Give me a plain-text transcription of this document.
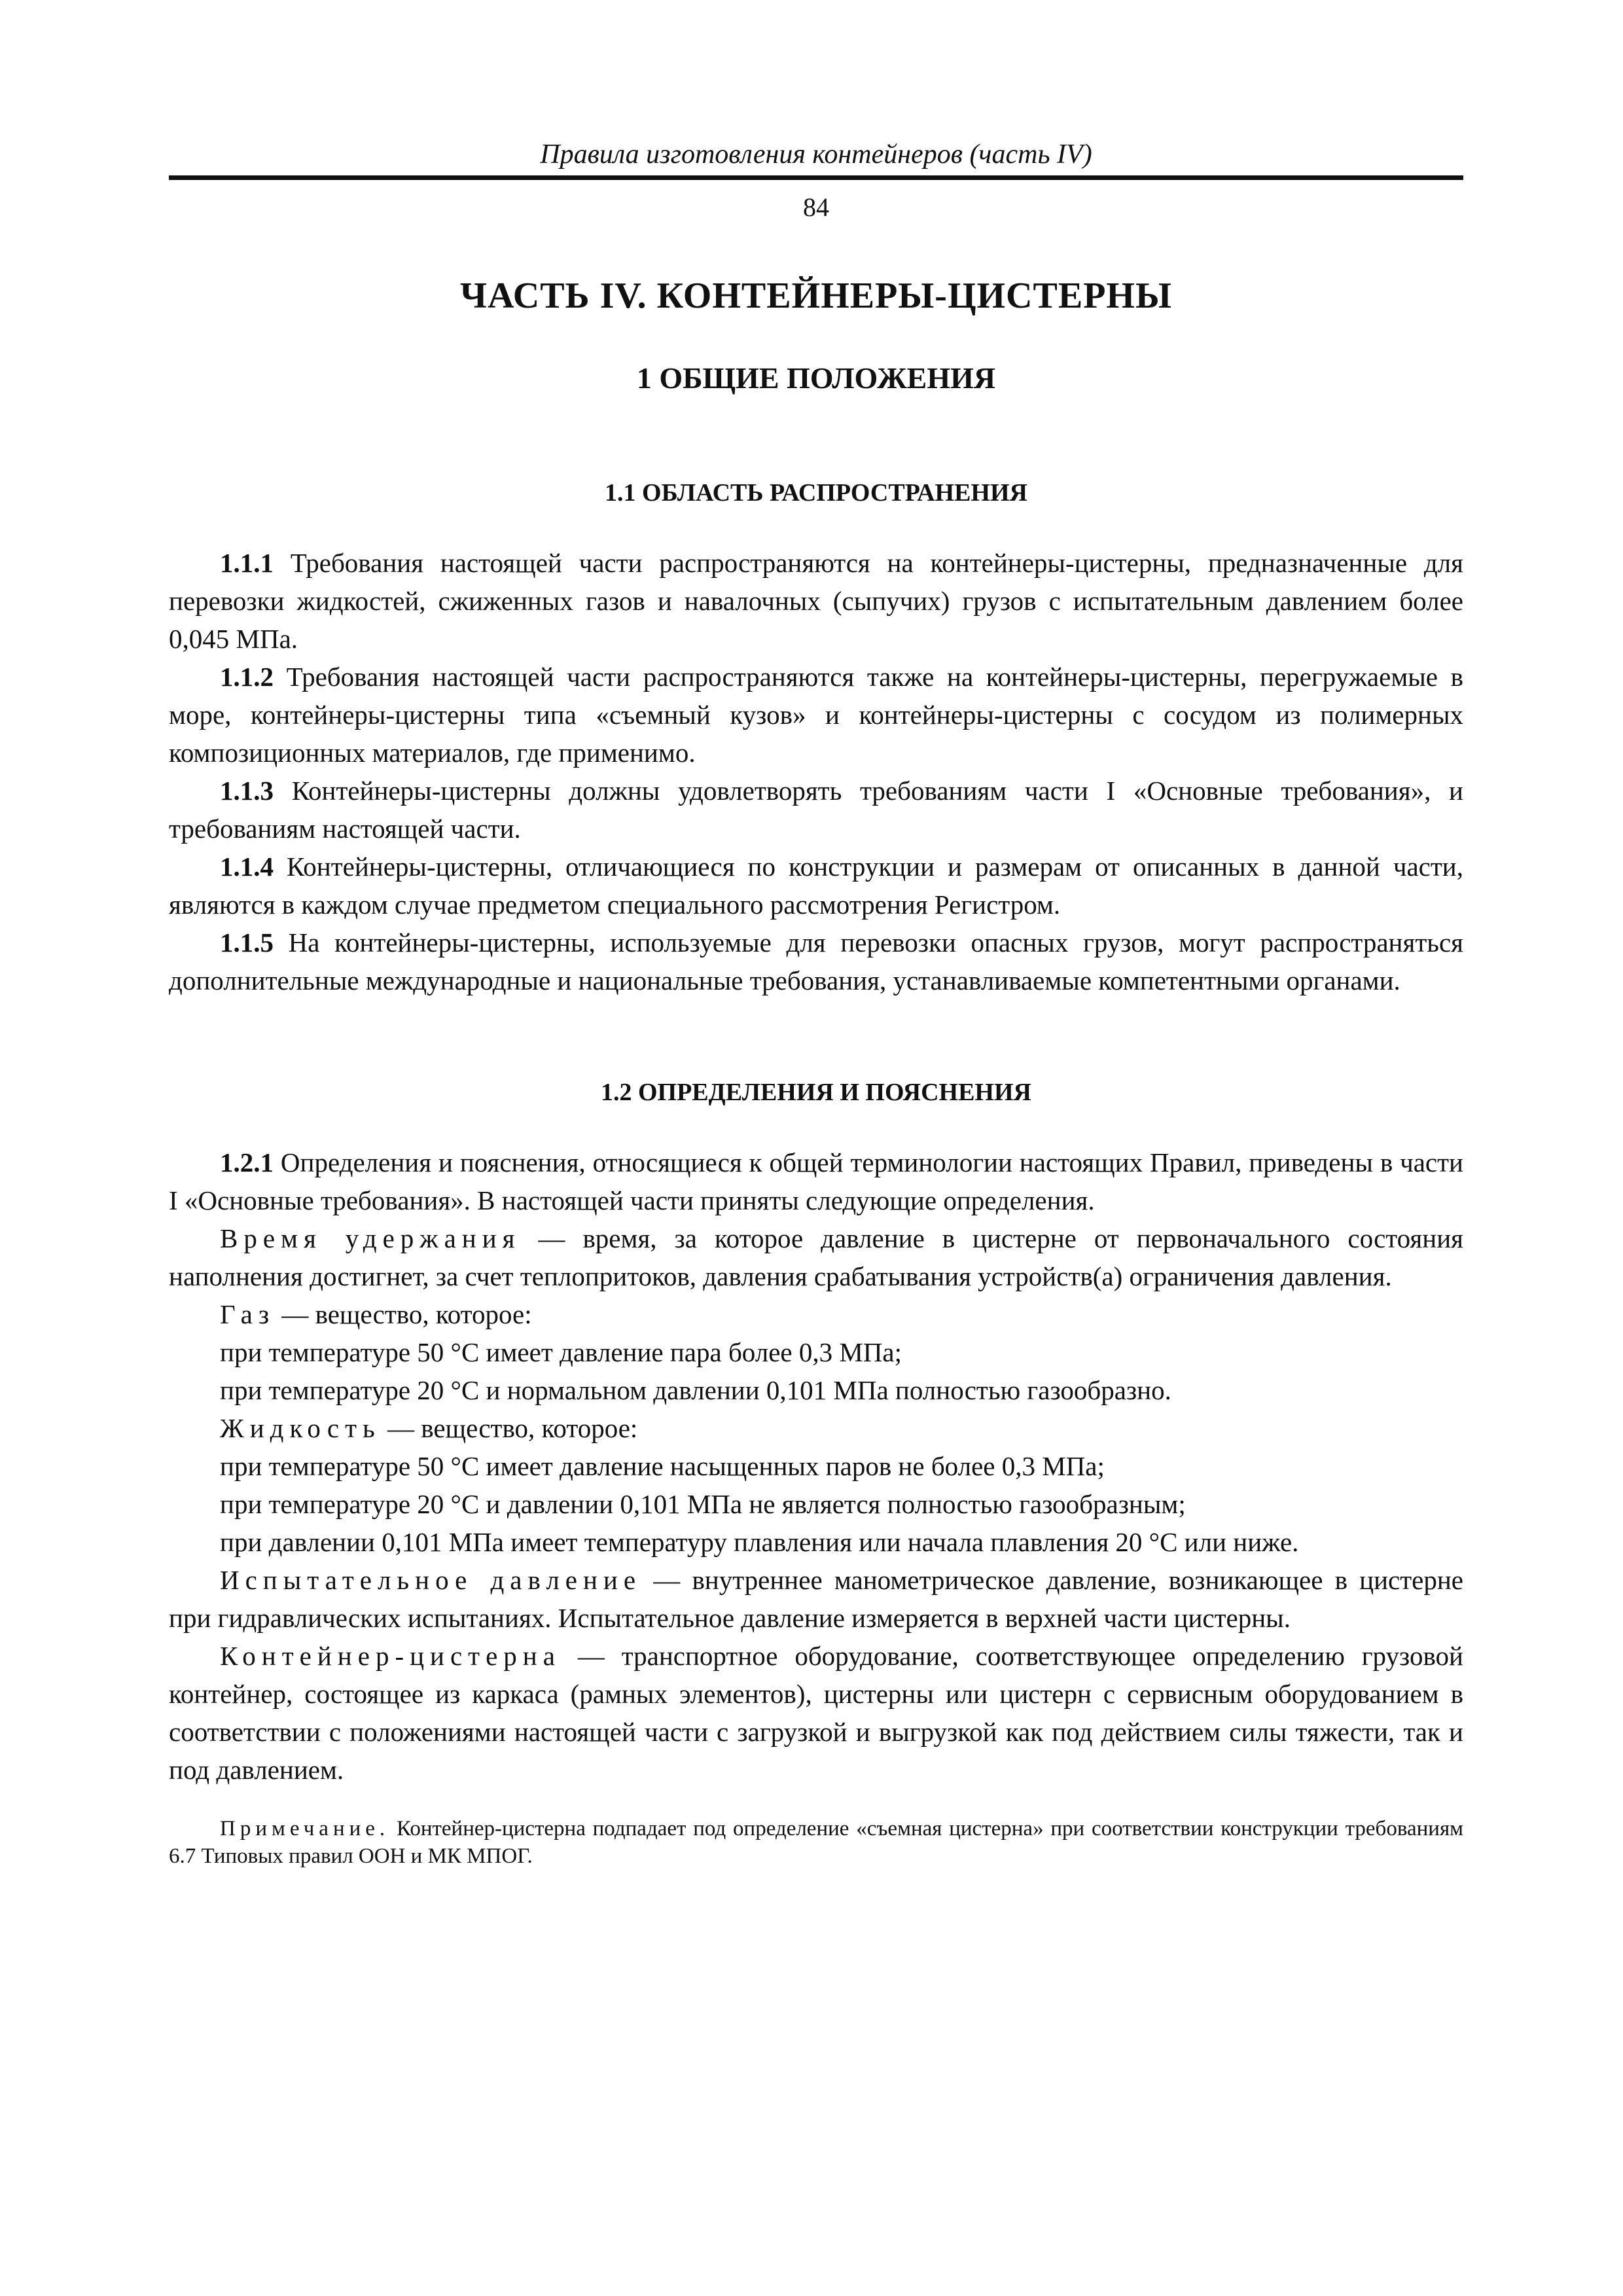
Правила изготовления контейнеров (часть IV)
84
ЧАСТЬ IV. КОНТЕЙНЕРЫ-ЦИСТЕРНЫ
1 ОБЩИЕ ПОЛОЖЕНИЯ
1.1 ОБЛАСТЬ РАСПРОСТРАНЕНИЯ

1.1.1 Требования настоящей части распространяются на контейнеры-цистерны, предназначенные для перевозки жидкостей, сжиженных газов и навалочных (сыпучих) грузов с испытательным давлением более 0,045 МПа.

1.1.2 Требования настоящей части распространяются также на контейнеры-цистерны, перегружаемые в море, контейнеры-цистерны типа «съемный кузов» и контейнеры-цистерны с сосудом из полимерных композиционных материалов, где применимо.

1.1.3 Контейнеры-цистерны должны удовлетворять требованиям части I «Основные требования», и требованиям настоящей части.

1.1.4 Контейнеры-цистерны, отличающиеся по конструкции и размерам от описанных в данной части, являются в каждом случае предметом специального рассмотрения Регистром.

1.1.5 На контейнеры-цистерны, используемые для перевозки опасных грузов, могут распространяться дополнительные международные и национальные требования, устанавливаемые компетентными органами.

1.2 ОПРЕДЕЛЕНИЯ И ПОЯСНЕНИЯ

1.2.1 Определения и пояснения, относящиеся к общей терминологии настоящих Правил, приведены в части I «Основные требования». В настоящей части приняты следующие определения.

Время удержания — время, за которое давление в цистерне от первоначального состояния наполнения достигнет, за счет теплопритоков, давления срабатывания устройств(а) ограничения давления.

Газ — вещество, которое:

при температуре 50 °С имеет давление пара более 0,3 МПа;

при температуре 20 °С и нормальном давлении 0,101 МПа полностью газообразно.

Жидкость — вещество, которое:

при температуре 50 °С имеет давление насыщенных паров не более 0,3 МПа;

при температуре 20 °С и давлении 0,101 МПа не является полностью газообразным;

при давлении 0,101 МПа имеет температуру плавления или начала плавления 20 °С или ниже.

Испытательное давление — внутреннее манометрическое давление, возникающее в цистерне при гидравлических испытаниях. Испытательное давление измеряется в верхней части цистерны.

Контейнер-цистерна — транспортное оборудование, соответствующее определению грузовой контейнер, состоящее из каркаса (рамных элементов), цистерны или цистерн с сервисным оборудованием в соответствии с положениями настоящей части с загрузкой и выгрузкой как под действием силы тяжести, так и под давлением.

Примечание. Контейнер-цистерна подпадает под определение «съемная цистерна» при соответствии конструкции требованиям 6.7 Типовых правил ООН и МК МПОГ.
